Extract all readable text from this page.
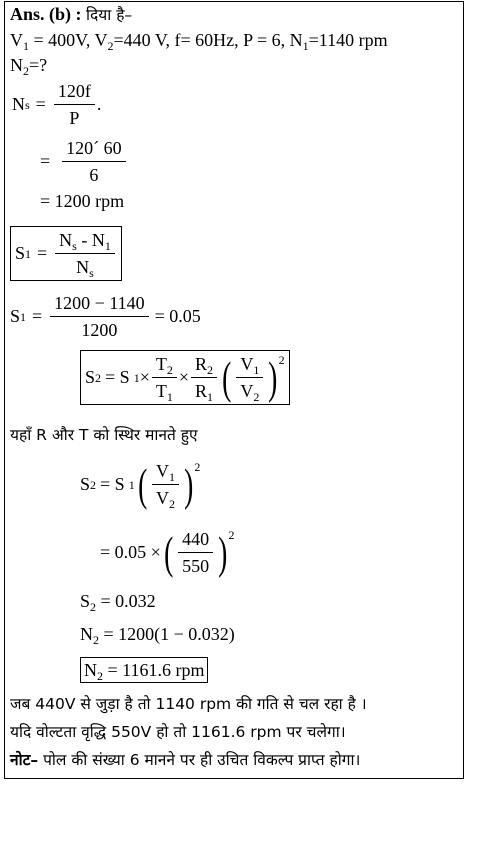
Ans. (b) : दिया है–
$V_1 = 400V$, $V_2=440$ V, f= 60Hz, P = 6, $N_1=1140$ rpm
$N_2=$?
N $s = \frac{120f}{P}$ .
= $\frac{120´ 60}{6}$
= 1200 rpm
S $1 = \frac{N_s - N_1}{N_s}$
S $1 = \frac{1200 - 1140}{1200} = 0.05$
S 2 = S $1 \times \frac{T_2}{T_1} \times \frac{R_2}{R_1}$ ( $\frac{V_1}{V_2}$ ) 2
यहाँ R और T को स्थिर मानते हुए
S 2 = S 1 ( $\frac{V_1}{V_2}$ ) 2
= 0.05 × ( $\frac{440}{550}$ ) 2
$S_2 = 0.032$
$N_2 = 1200(1 - 0.032)$
$N_2 = 1161.6$ rpm
जब 440V से जुड़ा है तो 1140 rpm की गति से चल रहा है ।
यदि वोल्टता वृद्धि 550V हो तो 1161.6 rpm पर चलेगा।
नोट– पोल की संख्या 6 मानने पर ही उचित विकल्प प्राप्त होगा।
